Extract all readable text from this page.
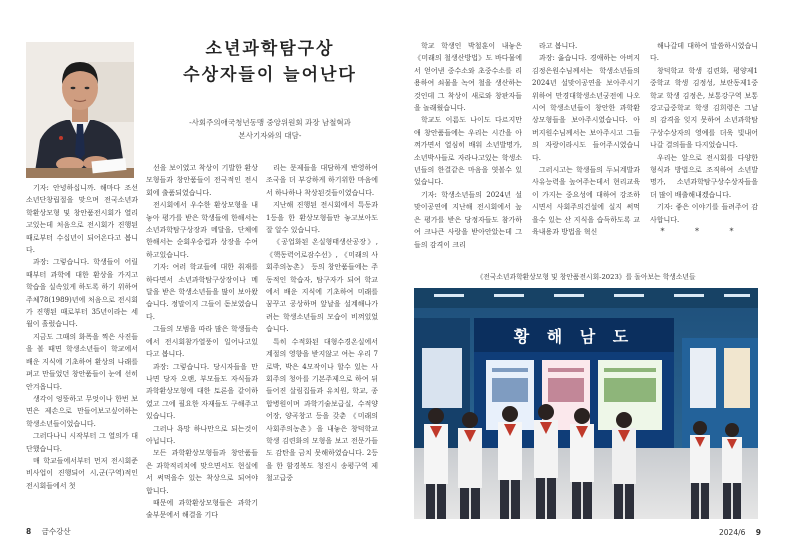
소년과학탐구상
수상자들이 늘어난다
-사회주의애국청년동맹 중앙위원회 과장 남철혁과
본사기자와의 대담-

기자: 안녕하십니까. 해마다 조선소년단창립절을 맞으며 전국소년과학환상모형 및 창안품전시회가 열리고있는데 처음으로 전시회가 진행된 때로부터 수십년이 되어온다고 봅니다.

과장: 그렇습니다. 학생들이 어릴 때부터 과학에 대한 환상을 가지고 학습을 실속있게 하도록 하기 위하여 주체78(1989)년에 처음으로 전시회가 진행된 때로부터 35년이라는 세월이 흘렀습니다.

지금도 그때의 화폭을 찍은 사진들을 볼 때면 학생소년들이 학교에서 배운 지식에 기초하여 환상의 나래를 펴고 만들었던 창안품들이 눈에 선히 안겨옵니다.

생각이 엉뚱하고 무엇이나 한번 보면은 제손으로 만들어보고싶어하는 학생소년들이었습니다.

그러다나니 시작부터 그 열의가 대단했습니다.

매 학교들에서부터 먼저 전시회준비사업이 진행되어 시,군(구역)적인 전시회들에서 첫

선을 보이였고 착상이 기발한 환상모형들과 창안품들이 전국적인 전시회에 출품되였습니다.

전시회에서 우수한 환상모형을 내놓아 평가를 받은 학생들에 한해서는 소년과학탐구상장과 메달을, 단체에 한해서는 순회우승컵과 상장을 수여하고있습니다.

기자: 여러 학교들에 대한 취재를 하다면서 소년과학탐구상장이나 메달을 받은 학생소년들을 많이 보아왔습니다. 정말이지 그들이 돋보였습니다.

그들의 모범을 따라 많은 학생들속에서 전시회참가열풍이 일어나고있다고 봅니다.

과장: 그렇습니다. 당시자들을 만나면 당자 오랜, 부모들도 자식들과 과학환상모형에 대한 토론을 같이하였고 그에 필요한 자재들도 구해주고있습니다.

그러나 욕망 하나만으로 되는것이 아닙니다.

모든 과학환상모형들과 창안품들은 과학적리치에 맞으면서도 현실에서 써먹을수 있는 착상으로 되여야 합니다.

때문에 과학환상모형들은 과학기술부문에서 해결을 기다

리는 문제들을 대담하게 반영하여 조국을 더 부강하게 하기위한 마음에서 하나하나 착상된것들이였습니다.

지난해 진행된 전시회에서 특동과 1등을 한 환상모형들만 놓고보아도 잘 알수 있습니다.

《공업화된 온실형태생산공장》, 《핵동력어로잠수선》, 《미래의 사회주의농촌》 등의 창안품들에는 주동적인 학습자, 탐구자가 되여 학교에서 배운 지식에 기초하여 미래를 꿈꾸고 공상하며 앞날을 설계해나가려는 학생소년들의 모습이 비껴있었습니다.

특히 수적화된 대형수경온실에서 계절의 영향을 받지않고 여는 우리 7로박, 박은 4모작이나 할수 있는 사회주의 청아를 기본주제으로 하여 뒤들어진 살림집들과 유치원, 학교, 종합병원이며 과학기술보급실, 수적양어장, 양곡창고 등을 갖춘 《미래의 사회주의농촌》을 내놓은 창덕학교 학생 김련화의 모형을 보고 전문가들도 감탄을 금치 못해하였습니다. 2등을 한 함경북도 청진시 송평구역 제철고급중

학교 학생인 박철훈이 내놓은 《미래의 철생산방법》도 바다물에서 얻어낸 중수소와 초중수소를 리용하여 쇠물을 녹여 철을 생산하는것인데 그 착상이 새로와 창판자들을 놀래웠습니다.

학교도 이름도 나이도 다르지만 애 창안품들에는 우리는 시간을 아껴가면서 열심히 배워 소년발명가, 소년박사들로 자라나고있는 학생소년들의 한결같은 마음을 엿볼수 있었습니다.

기자: 학생소년들의 2024년 설맞이공연에 지난해 전시회에서 높은 평가를 받은 당정자들도 참가하여 크나큰 사랑을 받아안았는데 그들의 감격이 크리

라고 봅니다.

과장: 옳습니다. 경애하는 아버지 김정은원수님께서는 학생소년들의 2024년 설맞이공연을 보아주시기 위하여 만경대학생소년궁전에 나오시여 학생소년들이 창안한 과학환상모형들을 보아주시였습니다. 아버지원수님께서는 보아주시고 그들의 자랑이라시도 들어주시였습니다.

그러시고는 학생들의 두뇌계발과 사유능력을 높여주는데서 현리교육이 가지는 중요성에 대하여 강조하시면서 사회주의건설에 실지 써먹을수 있는 산 지식을 습득하도록 교육내용과 방법을 혁신

해나갈데 대하여 말씀하시였습니다.

창덕학교 학생 김련화, 평양제1중학교 학생 김정성, 보란동제1중학교 학생 김정은, 보통강구역 보통강고급중학교 학생 김희령은 그날의 감격을 잊지 못하여 소년과학탐구상수상자의 영예를 더욱 빛내어나갈 결의들을 다지었습니다.

우리는 앞으로 전시회를 다양한 형식과 방법으로 조직하여 소년발명가, 소년과학탐구상수상자들을 더 많이 배출해내겠습니다.

기자: 좋은 이야기를 들려주어 감사합니다.

* * *
《전국소년과학환상모형 및 창안품전시회-2023》를 돌아보는 학생소년들
황 해 남 도
8 금수강산	2024/6 9
